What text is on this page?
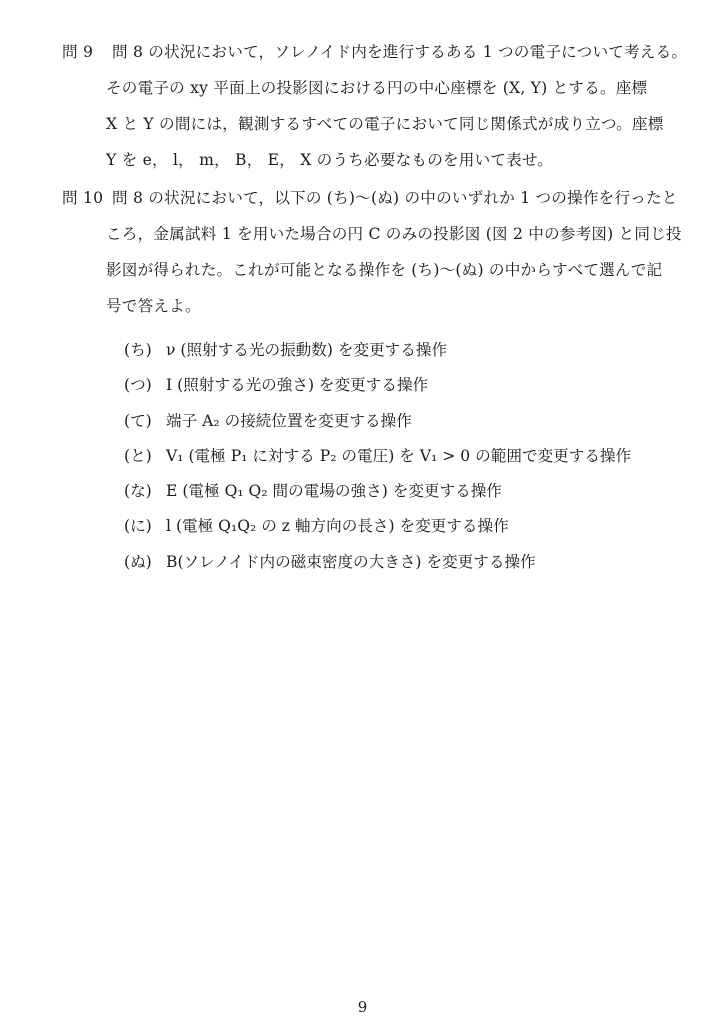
問 9 問 8 の状況において，ソレノイド内を進行するある 1 つの電子について考える。
その電子の xy 平面上の投影図における円の中心座標を (X, Y) とする。座標
X と Y の間には，観測するすべての電子において同じ関係式が成り立つ。座標
Y を e， l， m， B， E， X のうち必要なものを用いて表せ。
問 10 問 8 の状況において，以下の (ち)〜(ぬ) の中のいずれか 1 つの操作を行ったと
ころ，金属試料 1 を用いた場合の円 C のみの投影図 (図 2 中の参考図) と同じ投
影図が得られた。これが可能となる操作を (ち)〜(ぬ) の中からすべて選んで記
号で答えよ。
(ち) ν (照射する光の振動数) を変更する操作
(つ) I (照射する光の強さ) を変更する操作
(て) 端子 A₂ の接続位置を変更する操作
(と) V₁ (電極 P₁ に対する P₂ の電圧) を V₁ > 0 の範囲で変更する操作
(な) E (電極 Q₁ Q₂ 間の電場の強さ) を変更する操作
(に) l (電極 Q₁Q₂ の z 軸方向の長さ) を変更する操作
(ぬ) B(ソレノイド内の磁束密度の大きさ) を変更する操作
9
